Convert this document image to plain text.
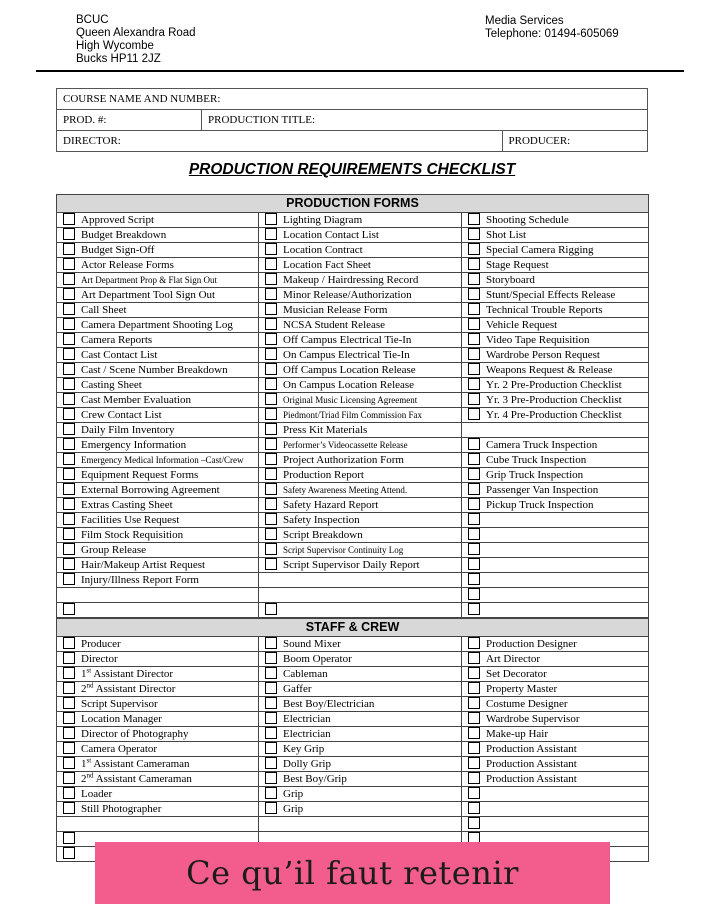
BCUC
Queen Alexandra Road
High Wycombe
Bucks HP11 2JZ
Media Services
Telephone: 01494-605069
COURSE NAME AND NUMBER:		
PROD. #:	PRODUCTION TITLE:	
DIRECTOR:		PRODUCER:
PRODUCTION REQUIREMENTS CHECKLIST
PRODUCTION FORMS		
Approved Script	Lighting Diagram	Shooting Schedule
Budget Breakdown	Location Contact List	Shot List
Budget Sign-Off	Location Contract	Special Camera Rigging
Actor Release Forms	Location Fact Sheet	Stage Request
Art Department Prop & Flat Sign Out	Makeup / Hairdressing Record	Storyboard
Art Department Tool Sign Out	Minor Release/Authorization	Stunt/Special Effects Release
Call Sheet	Musician Release Form	Technical Trouble Reports
Camera Department Shooting Log	NCSA Student Release	Vehicle Request
Camera Reports	Off Campus Electrical Tie-In	Video Tape Requisition
Cast Contact List	On Campus Electrical Tie-In	Wardrobe Person Request
Cast / Scene Number Breakdown	Off Campus Location Release	Weapons Request & Release
Casting Sheet	On Campus Location Release	Yr. 2 Pre-Production Checklist
Cast Member Evaluation	Original Music Licensing Agreement	Yr. 3 Pre-Production Checklist
Crew Contact List	Piedmont/Triad Film Commission Fax	Yr. 4 Pre-Production Checklist
Daily Film Inventory	Press Kit Materials	
Emergency Information	Performer’s Videocassette Release	Camera Truck Inspection
Emergency Medical Information –Cast/Crew	Project Authorization Form	Cube Truck Inspection
Equipment Request Forms	Production Report	Grip Truck Inspection
External Borrowing Agreement	Safety Awareness Meeting Attend.	Passenger Van Inspection
Extras Casting Sheet	Safety Hazard Report	Pickup Truck Inspection
Facilities Use Request	Safety Inspection	
Film Stock Requisition	Script Breakdown	
Group Release	Script Supervisor Continuity Log	
Hair/Makeup Artist Request	Script Supervisor Daily Report	
Injury/Illness Report Form		

STAFF & CREW		
Producer	Sound Mixer	Production Designer
Director	Boom Operator	Art Director
1st Assistant Director	Cableman	Set Decorator
2nd Assistant Director	Gaffer	Property Master
Script Supervisor	Best Boy/Electrician	Costume Designer
Location Manager	Electrician	Wardrobe Supervisor
Director of Photography	Electrician	Make-up Hair
Camera Operator	Key Grip	Production Assistant
1st Assistant Cameraman	Dolly Grip	Production Assistant
2nd Assistant Cameraman	Best Boy/Grip	Production Assistant
Loader	Grip	
Still Photographer	Grip	

Ce qu’il faut retenir
